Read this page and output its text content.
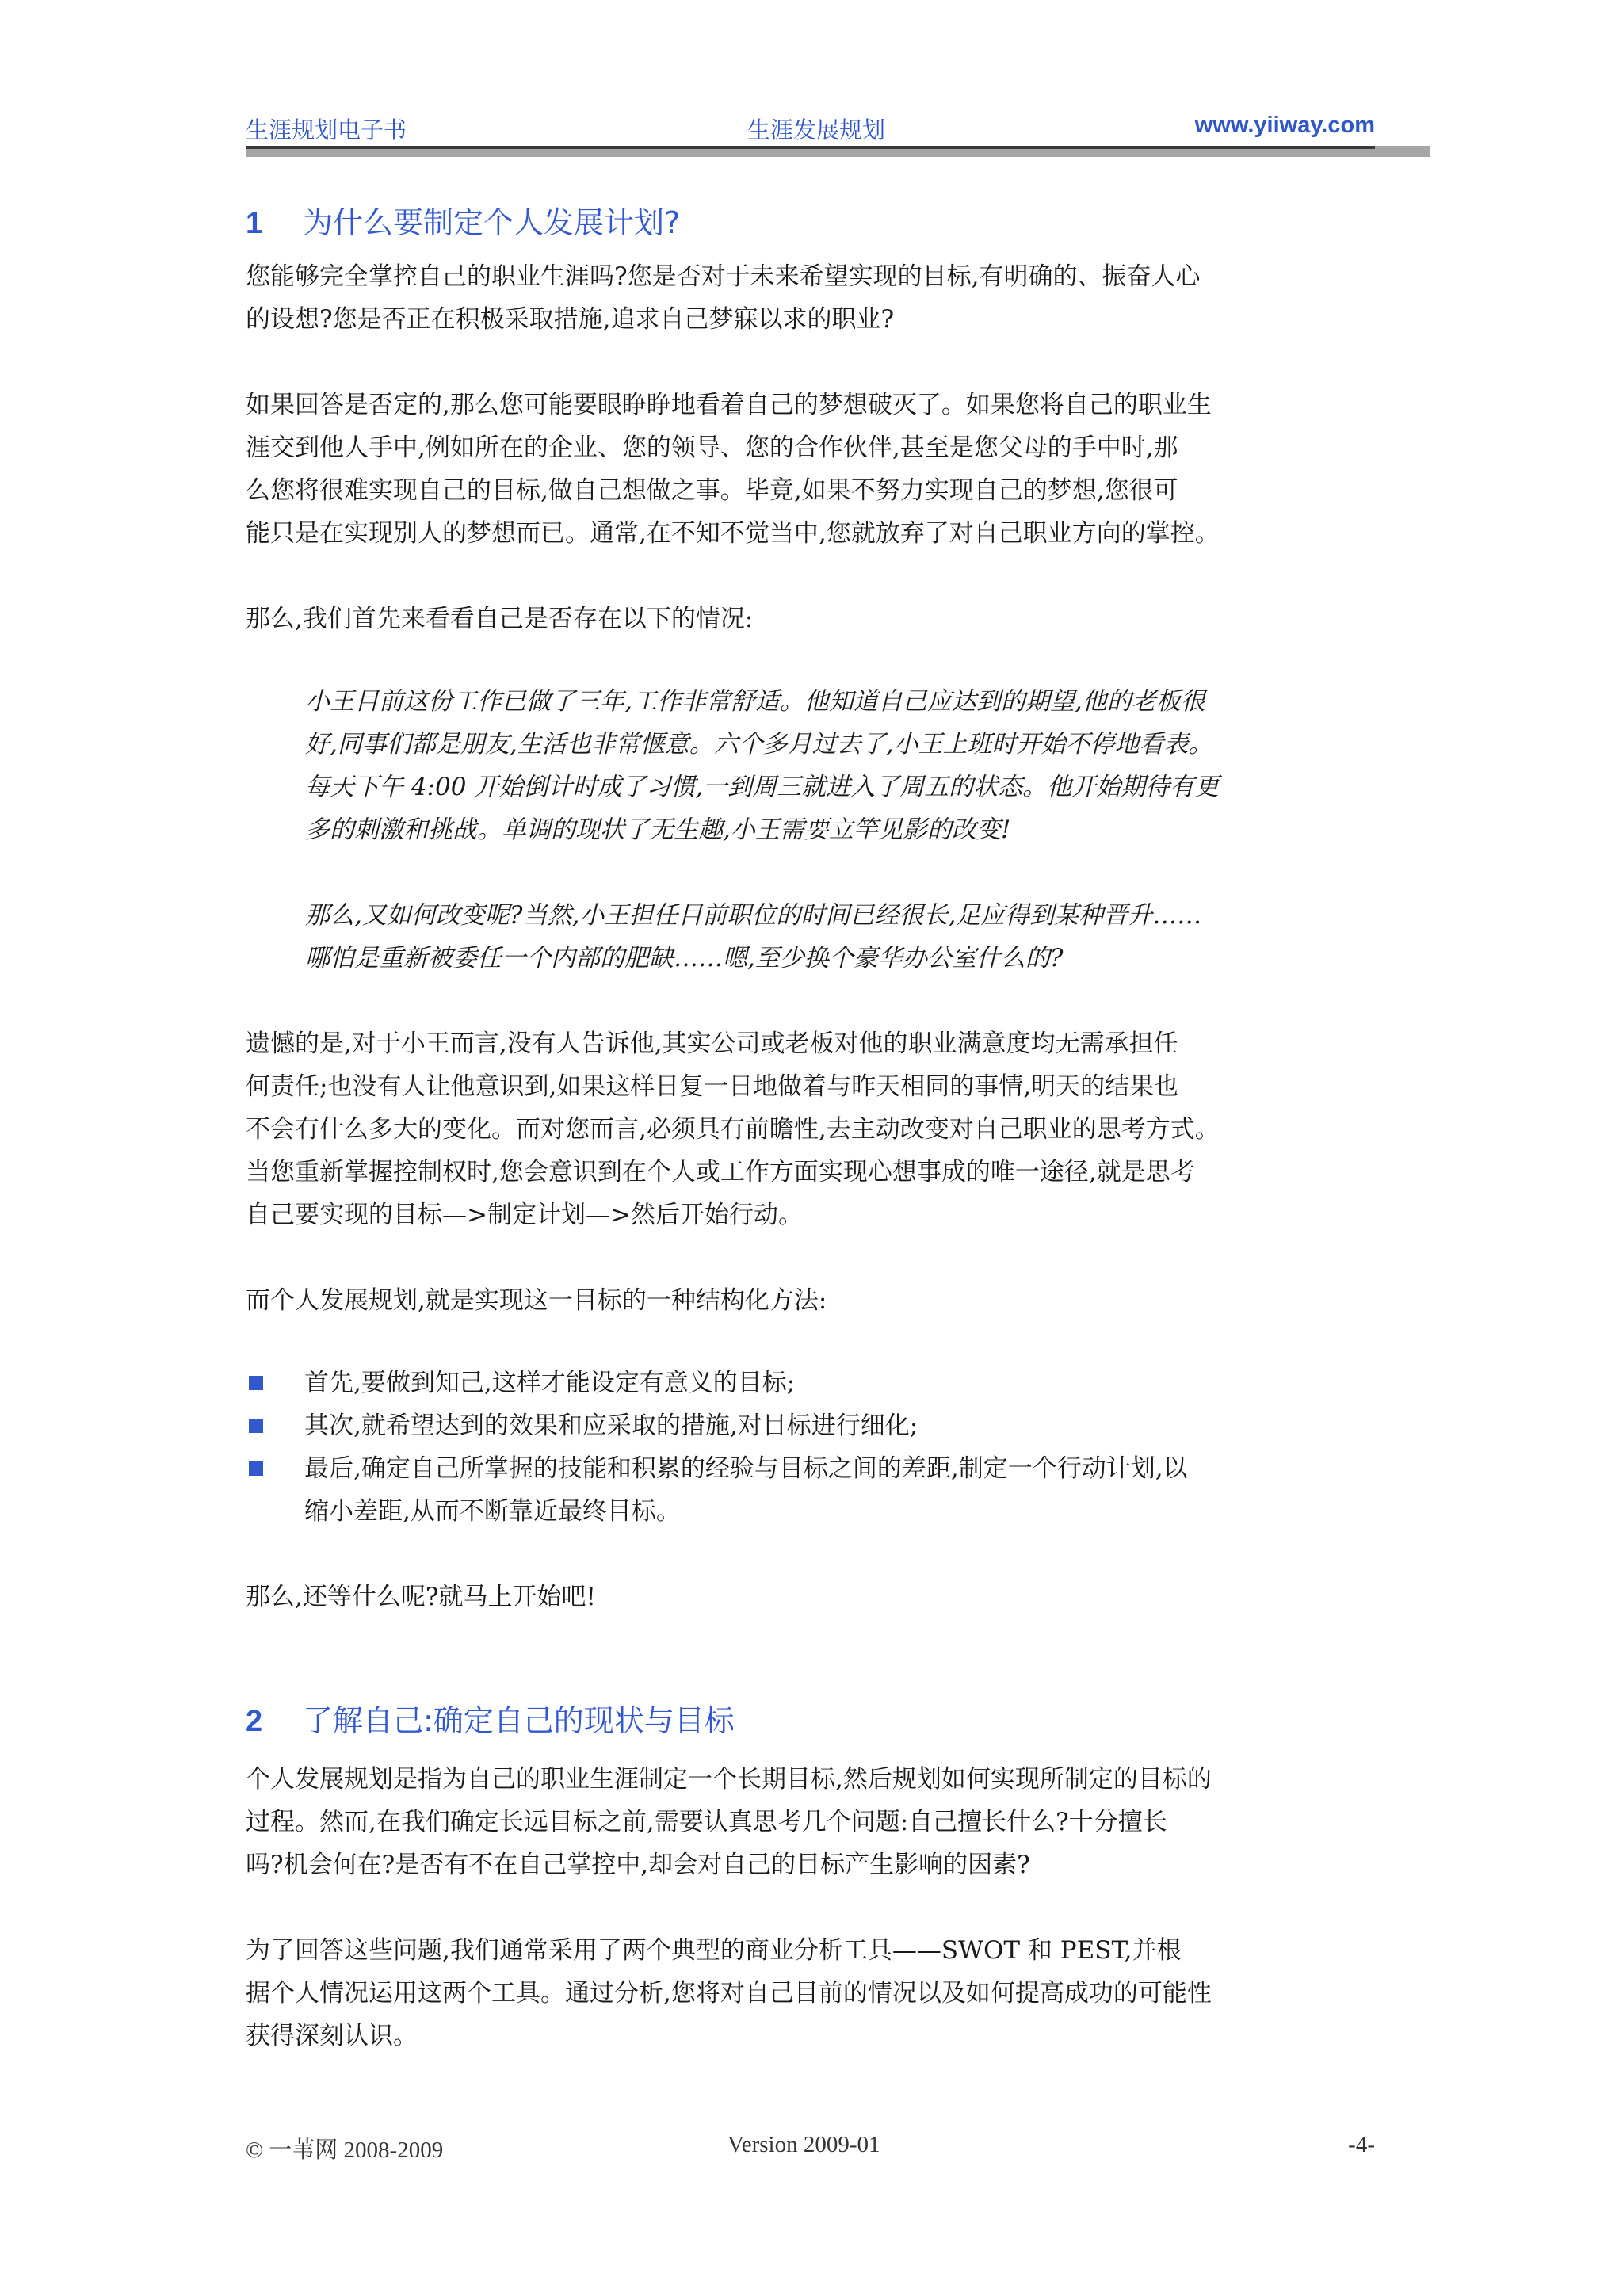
生涯规划电子书	生涯发展规划	www.yiiway.com
1 为什么要制定个人发展计划?
您能够完全掌控自己的职业生涯吗?您是否对于未来希望实现的目标,有明确的、振奋人心
的设想?您是否正在积极采取措施,追求自己梦寐以求的职业?
如果回答是否定的,那么您可能要眼睁睁地看着自己的梦想破灭了。如果您将自己的职业生
涯交到他人手中,例如所在的企业、您的领导、您的合作伙伴,甚至是您父母的手中时,那
么您将很难实现自己的目标,做自己想做之事。毕竟,如果不努力实现自己的梦想,您很可
能只是在实现别人的梦想而已。通常,在不知不觉当中,您就放弃了对自己职业方向的掌控。
那么,我们首先来看看自己是否存在以下的情况:
小王目前这份工作已做了三年,工作非常舒适。他知道自己应达到的期望,他的老板很
好,同事们都是朋友,生活也非常惬意。六个多月过去了,小王上班时开始不停地看表。
每天下午 4:00 开始倒计时成了习惯,一到周三就进入了周五的状态。他开始期待有更
多的刺激和挑战。单调的现状了无生趣,小王需要立竿见影的改变!
那么,又如何改变呢?当然,小王担任目前职位的时间已经很长,足应得到某种晋升……
哪怕是重新被委任一个内部的肥缺……嗯,至少换个豪华办公室什么的?
遗憾的是,对于小王而言,没有人告诉他,其实公司或老板对他的职业满意度均无需承担任
何责任;也没有人让他意识到,如果这样日复一日地做着与昨天相同的事情,明天的结果也
不会有什么多大的变化。而对您而言,必须具有前瞻性,去主动改变对自己职业的思考方式。
当您重新掌握控制权时,您会意识到在个人或工作方面实现心想事成的唯一途径,就是思考
自己要实现的目标—>制定计划—>然后开始行动。
而个人发展规划,就是实现这一目标的一种结构化方法:
首先,要做到知己,这样才能设定有意义的目标;
其次,就希望达到的效果和应采取的措施,对目标进行细化;
最后,确定自己所掌握的技能和积累的经验与目标之间的差距,制定一个行动计划,以
缩小差距,从而不断靠近最终目标。
那么,还等什么呢?就马上开始吧!
2 了解自己:确定自己的现状与目标
个人发展规划是指为自己的职业生涯制定一个长期目标,然后规划如何实现所制定的目标的
过程。然而,在我们确定长远目标之前,需要认真思考几个问题:自己擅长什么?十分擅长
吗?机会何在?是否有不在自己掌控中,却会对自己的目标产生影响的因素?
为了回答这些问题,我们通常采用了两个典型的商业分析工具——SWOT 和 PEST,并根
据个人情况运用这两个工具。通过分析,您将对自己目前的情况以及如何提高成功的可能性
获得深刻认识。
© 一苇网 2008-2009	Version 2009-01	-4-
